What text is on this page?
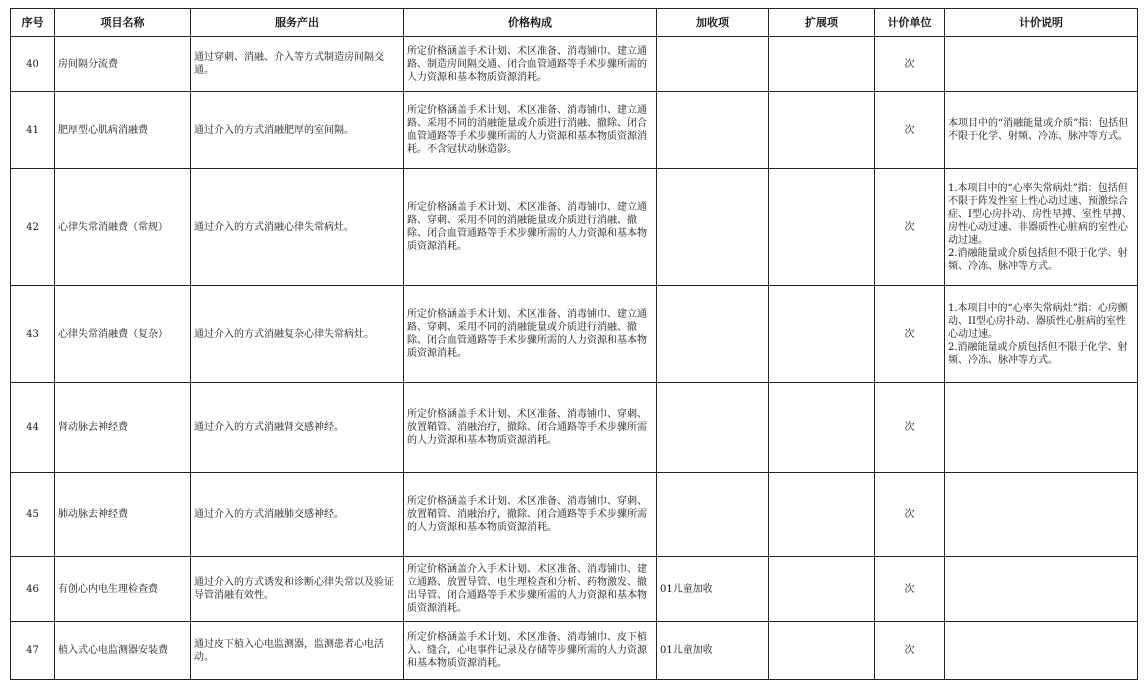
序号	项目名称	服务产出	价格构成	加收项	扩展项	计价单位	计价说明
40	房间隔分流费	通过穿刺、消融、介入等方式制造房间隔交通。	所定价格涵盖手术计划、术区准备、消毒铺巾、建立通路、制造房间隔交通、闭合血管通路等手术步骤所需的人力资源和基本物质资源消耗。			次	
41	肥厚型心肌病消融费	通过介入的方式消融肥厚的室间隔。	所定价格涵盖手术计划、术区准备、消毒铺巾、建立通路、采用不同的消融能量或介质进行消融、撤除、闭合血管通路等手术步骤所需的人力资源和基本物质资源消耗。不含冠状动脉造影。			次	本项目中的“消融能量或介质”指：包括但不限于化学、射频、冷冻、脉冲等方式。
42	心律失常消融费（常规）	通过介入的方式消融心律失常病灶。	所定价格涵盖手术计划、术区准备、消毒铺巾、建立通路、穿刺、采用不同的消融能量或介质进行消融、撤除、闭合血管通路等手术步骤所需的人力资源和基本物质资源消耗。			次	1.本项目中的“心率失常病灶”指：包括但不限于阵发性室上性心动过速、预激综合症、I型心房扑动、房性早搏、室性早搏、房性心动过速、非器质性心脏病的室性心动过速。
2.消融能量或介质包括但不限于化学、射频、冷冻、脉冲等方式。
43	心律失常消融费（复杂）	通过介入的方式消融复杂心律失常病灶。	所定价格涵盖手术计划、术区准备、消毒铺巾、建立通路、穿刺、采用不同的消融能量或介质进行消融、撤除、闭合血管通路等手术步骤所需的人力资源和基本物质资源消耗。			次	1.本项目中的“心率失常病灶”指：心房颤动、II型心房扑动、器质性心脏病的室性心动过速。
2.消融能量或介质包括但不限于化学、射频、冷冻、脉冲等方式。
44	肾动脉去神经费	通过介入的方式消融肾交感神经。	所定价格涵盖手术计划、术区准备、消毒铺巾、穿刺、放置鞘管、消融治疗，撤除、闭合通路等手术步骤所需的人力资源和基本物质资源消耗。			次	
45	肺动脉去神经费	通过介入的方式消融肺交感神经。	所定价格涵盖手术计划、术区准备、消毒铺巾、穿刺、放置鞘管、消融治疗，撤除、闭合通路等手术步骤所需的人力资源和基本物质资源消耗。			次	
46	有创心内电生理检查费	通过介入的方式诱发和诊断心律失常以及验证导管消融有效性。	所定价格涵盖介入手术计划、术区准备、消毒铺巾、建立通路、放置导管、电生理检查和分析、药物激发、撤出导管、闭合通路等手术步骤所需的人力资源和基本物质资源消耗。	01儿童加收		次	
47	植入式心电监测器安装费	通过皮下植入心电监测器，监测患者心电活动。	所定价格涵盖手术计划、术区准备、消毒铺巾、皮下植入、缝合，心电事件记录及存储等步骤所需的人力资源和基本物质资源消耗。	01儿童加收		次	
